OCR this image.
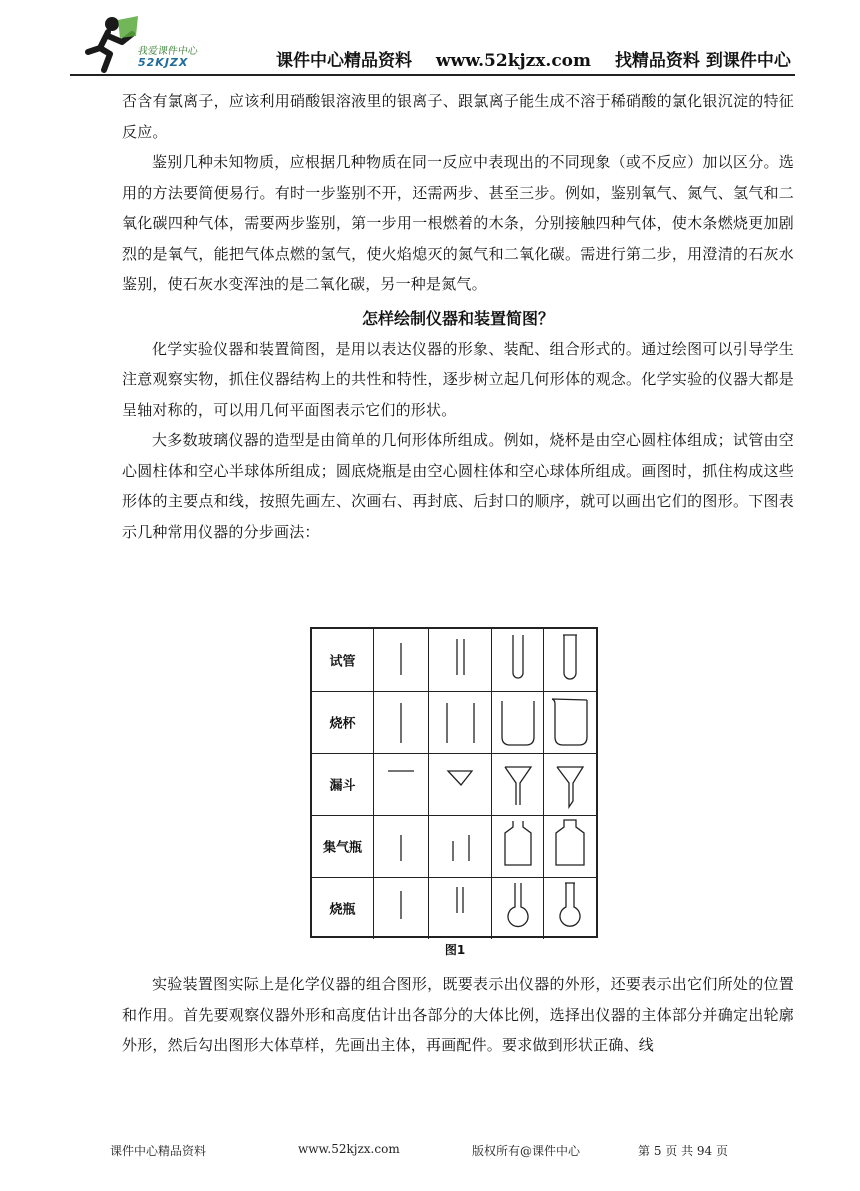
我爱课件中心
52KJZX	课件中心精品资料 www.52kjzx.com 找精品资料 到课件中心

否含有氯离子，应该利用硝酸银溶液里的银离子、跟氯离子能生成不溶于稀硝酸的氯化银沉淀的特征反应。

鉴别几种未知物质，应根据几种物质在同一反应中表现出的不同现象（或不反应）加以区分。选用的方法要简便易行。有时一步鉴别不开，还需两步、甚至三步。例如，鉴别氧气、氮气、氢气和二氧化碳四种气体，需要两步鉴别，第一步用一根燃着的木条，分别接触四种气体，使木条燃烧更加剧烈的是氧气，能把气体点燃的氢气，使火焰熄灭的氮气和二氧化碳。需进行第二步，用澄清的石灰水鉴别，使石灰水变浑浊的是二氧化碳，另一种是氮气。

怎样绘制仪器和装置简图？

化学实验仪器和装置简图，是用以表达仪器的形象、装配、组合形式的。通过绘图可以引导学生注意观察实物，抓住仪器结构上的共性和特性，逐步树立起几何形体的观念。化学实验的仪器大都是呈轴对称的，可以用几何平面图表示它们的形状。

大多数玻璃仪器的造型是由简单的几何形体所组成。例如，烧杯是由空心圆柱体组成；试管由空心圆柱体和空心半球体所组成；圆底烧瓶是由空心圆柱体和空心球体所组成。画图时，抓住构成这些形体的主要点和线，按照先画左、次画右、再封底、后封口的顺序，就可以画出它们的图形。下图表示几种常用仪器的分步画法：

试管
烧杯
漏斗
集气瓶
烧瓶
图1

实验装置图实际上是化学仪器的组合图形，既要表示出仪器的外形，还要表示出它们所处的位置和作用。首先要观察仪器外形和高度估计出各部分的大体比例，选择出仪器的主体部分并确定出轮廓外形，然后勾出图形大体草样，先画出主体，再画配件。要求做到形状正确、线

课件中心精品资料	www.52kjzx.com	版权所有@课件中心	第 5 页 共 94 页
